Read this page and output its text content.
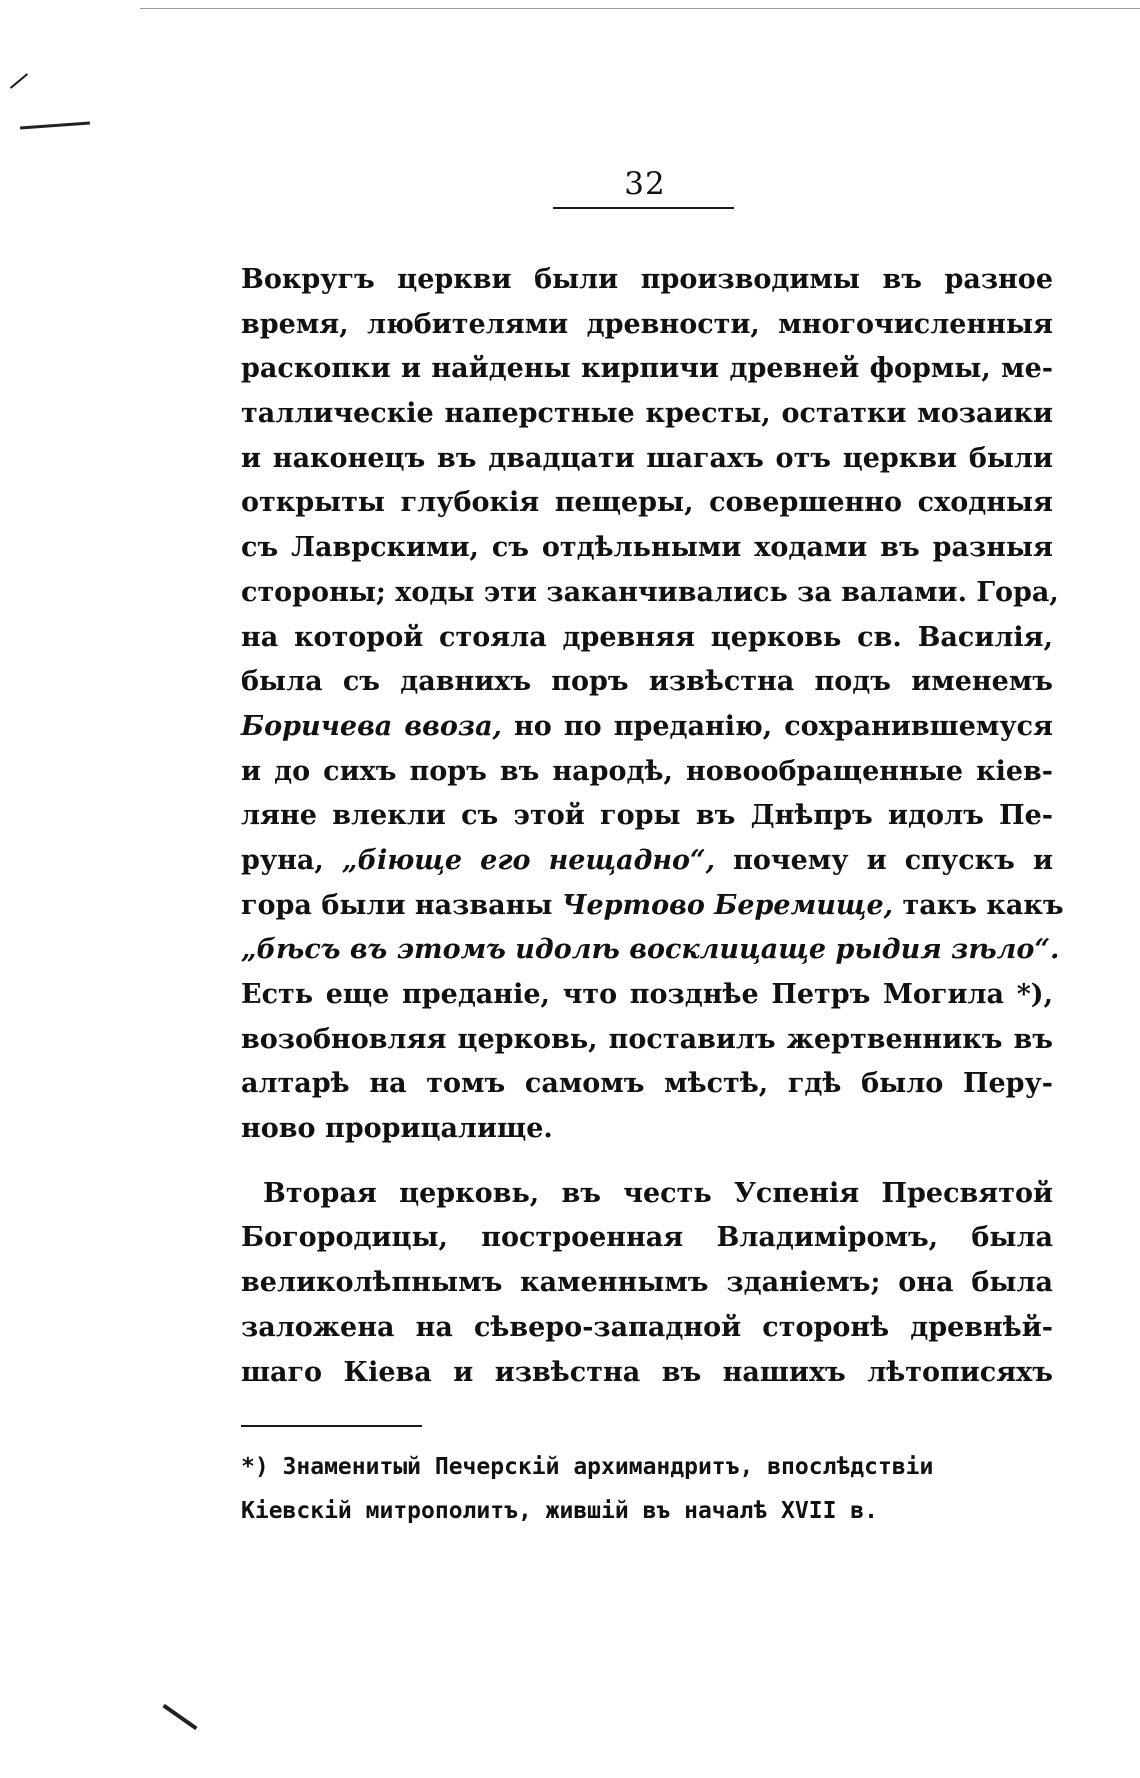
32
Вокругъ церкви были производимы въ разное
время, любителями древности, многочисленныя
раскопки и найдены кирпичи древней формы, ме-
таллическіе наперстные кресты, остатки мозаики
и наконецъ въ двадцати шагахъ отъ церкви были
открыты глубокія пещеры, совершенно сходныя
съ Лаврскими, съ отдѣльными ходами въ разныя
стороны; ходы эти заканчивались за валами. Гора,
на которой стояла древняя церковь св. Василія,
была съ давнихъ поръ извѣстна подъ именемъ
Боричева ввоза, но по преданію, сохранившемуся
и до сихъ поръ въ народѣ, новообращенные кіев-
ляне влекли съ этой горы въ Днѣпръ идолъ Пе-
руна, „біюще его нещадно“, почему и спускъ и
гора были названы Чертово Беремище, такъ какъ
„бѣсъ въ этомъ идолѣ восклицаще рыдия зѣло“.
Есть еще преданіе, что позднѣе Петръ Могила *),
возобновляя церковь, поставилъ жертвенникъ въ
алтарѣ на томъ самомъ мѣстѣ, гдѣ было Перу-
ново прорицалище.
Вторая церковь, въ честь Успенія Пресвятой
Богородицы, построенная Владиміромъ, была
великолѣпнымъ каменнымъ зданіемъ; она была
заложена на сѣверо-западной сторонѣ древнѣй-
шаго Кіева и извѣстна въ нашихъ лѣтописяхъ
*) Знаменитый Печерскій архимандритъ, впослѣдствіи
Кіевскій митрополитъ, жившій въ началѣ XVII в.
